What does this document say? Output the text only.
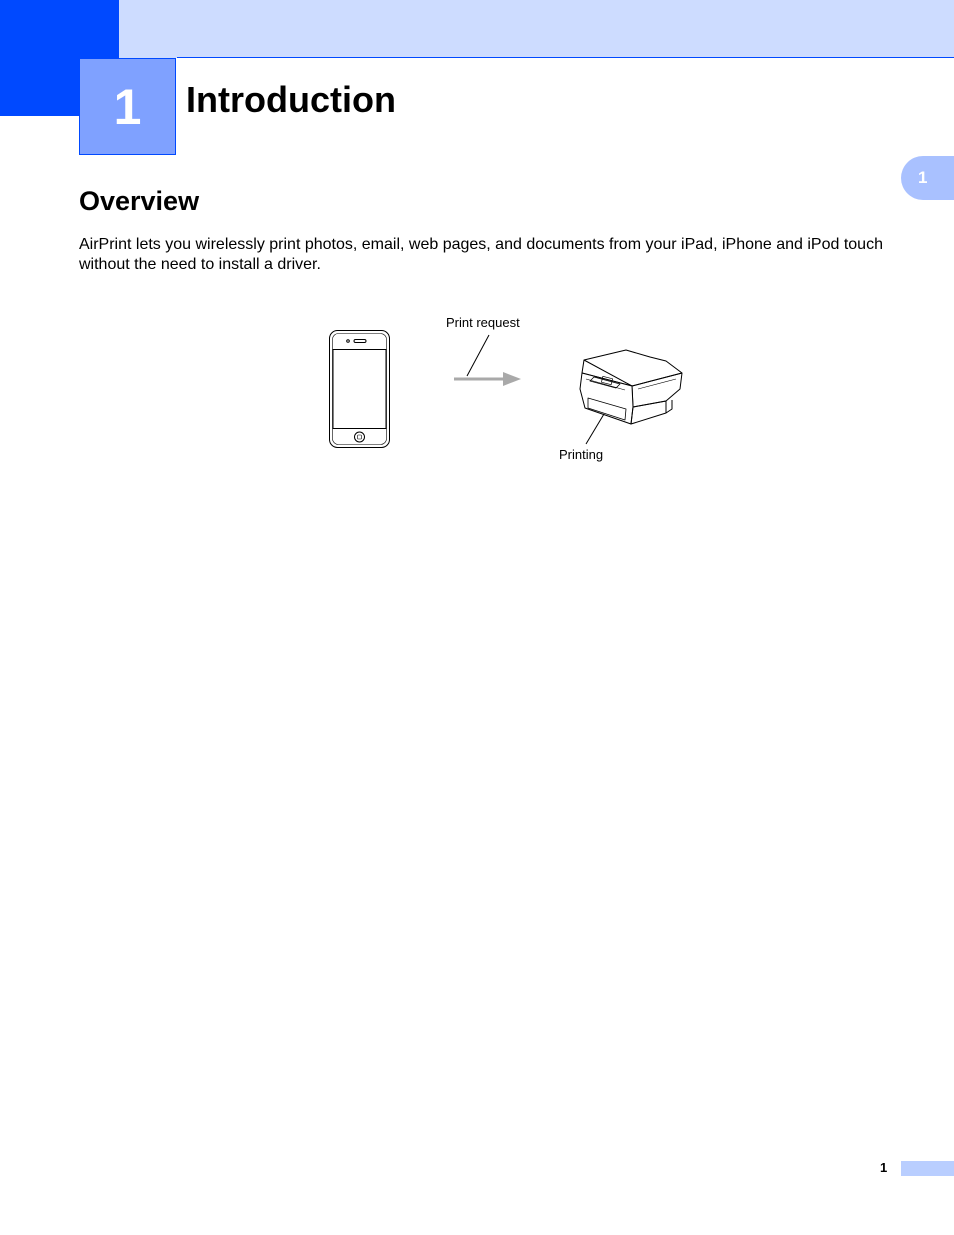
1 Introduction
1
Overview

AirPrint lets you wirelessly print photos, email, web pages, and documents from your iPad, iPhone and iPod touch without the need to install a driver.

Print request
Printing
1
